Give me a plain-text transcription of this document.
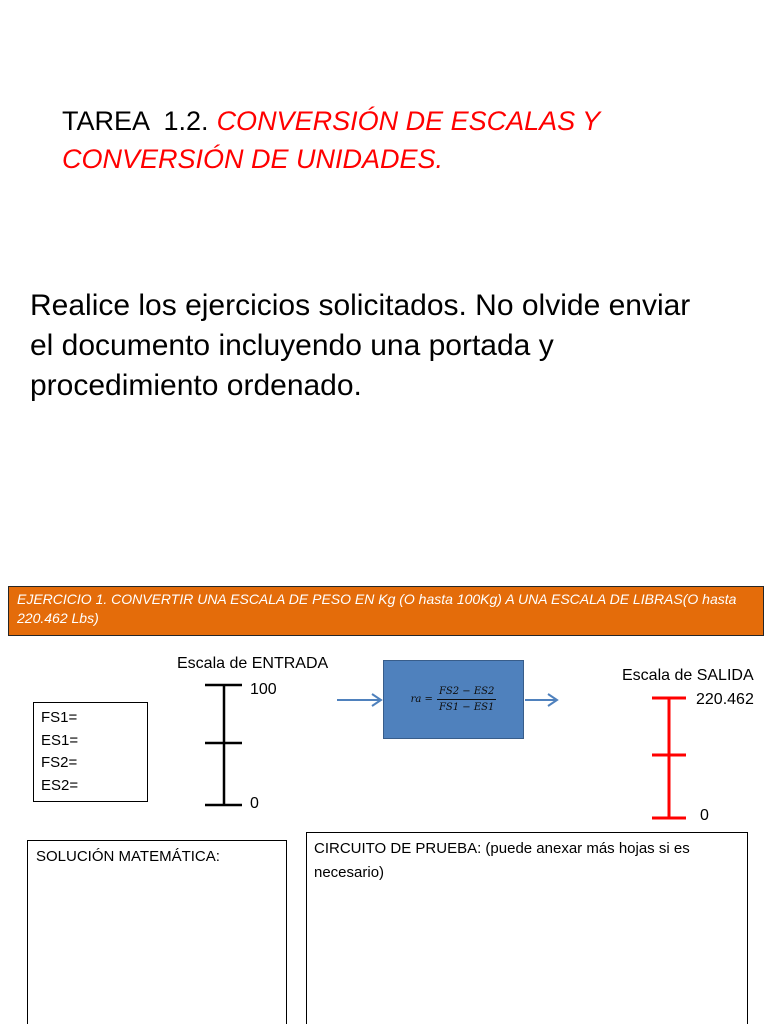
TAREA  1.2. CONVERSIÓN DE ESCALAS Y
CONVERSIÓN DE UNIDADES.
Realice los ejercicios solicitados. No olvide enviar
el documento incluyendo una portada y
procedimiento ordenado.
EJERCICIO 1. CONVERTIR UNA ESCALA DE PESO EN Kg (O hasta 100Kg) A UNA ESCALA DE LIBRAS(O hasta
220.462 Lbs)
Escala de ENTRADA
100
0
FS1=
ES1=
FS2=
ES2=
ra = $\frac{FS2 - ES2}{FS1 - ES1}$
Escala de SALIDA
220.462
0
SOLUCIÓN MATEMÁTICA:	CIRCUITO DE PRUEBA: (puede anexar más hojas si es necesario)
